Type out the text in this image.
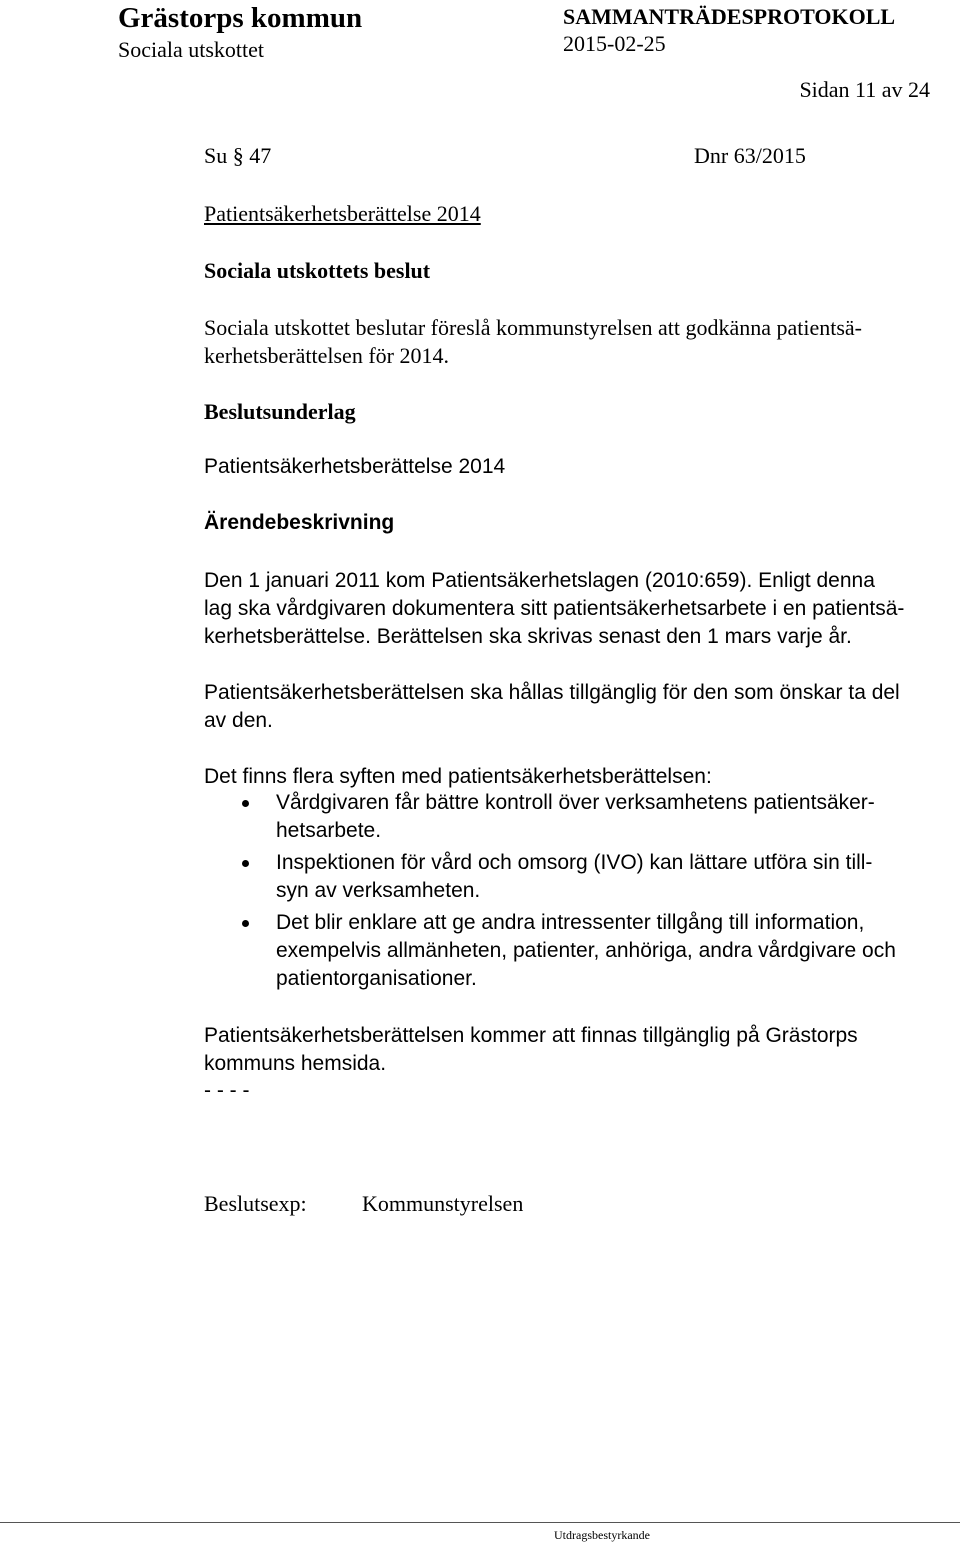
Grästorps kommun
Sociala utskottet
SAMMANTRÄDESPROTOKOLL
2015-02-25
Sidan 11 av 24
Su § 47	Dnr 63/2015
Patientsäkerhetsberättelse 2014
Sociala utskottets beslut
Sociala utskottet beslutar föreslå kommunstyrelsen att godkänna patientsä-
kerhetsberättelsen för 2014.
Beslutsunderlag
Patientsäkerhetsberättelse 2014
Ärendebeskrivning
Den 1 januari 2011 kom Patientsäkerhetslagen (2010:659). Enligt denna
lag ska vårdgivaren dokumentera sitt patientsäkerhetsarbete i en patientsä-
kerhetsberättelse. Berättelsen ska skrivas senast den 1 mars varje år.
Patientsäkerhetsberättelsen ska hållas tillgänglig för den som önskar ta del
av den.
Det finns flera syften med patientsäkerhetsberättelsen:
Vårdgivaren får bättre kontroll över verksamhetens patientsäker-
hetsarbete.
Inspektionen för vård och omsorg (IVO) kan lättare utföra sin till-
syn av verksamheten.
Det blir enklare att ge andra intressenter tillgång till information,
exempelvis allmänheten, patienter, anhöriga, andra vårdgivare och
patientorganisationer.
Patientsäkerhetsberättelsen kommer att finnas tillgänglig på Grästorps
kommuns hemsida.
- - - -
Beslutsexp:	Kommunstyrelsen
Utdragsbestyrkande
